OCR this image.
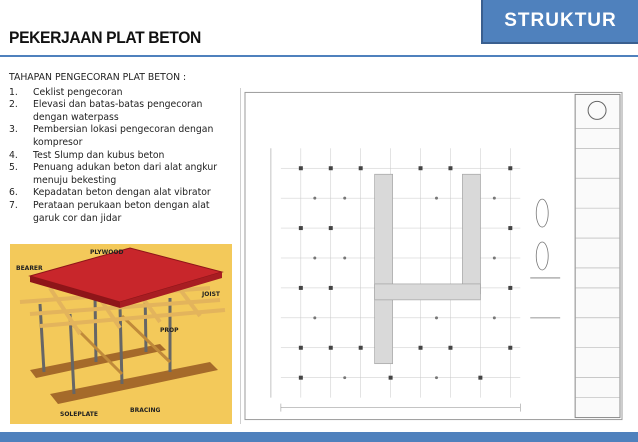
STRUKTUR
PEKERJAAN PLAT BETON
TAHAPAN PENGECORAN PLAT BETON :
1.	Ceklist pengecoran
2.	Elevasi dan batas-batas pengecoran dengan waterpass
3.	Pembersian lokasi pengecoran dengan kompresor
4.	Test Slump dan kubus beton
5.	Penuang adukan beton dari alat angkur menuju bekesting
6.	Kepadatan beton dengan alat vibrator
7.	Perataan perukaan beton dengan alat garuk cor dan jidar
PLYWOOD
BEARER
JOIST
PROP
SOLEPLATE
BRACING
